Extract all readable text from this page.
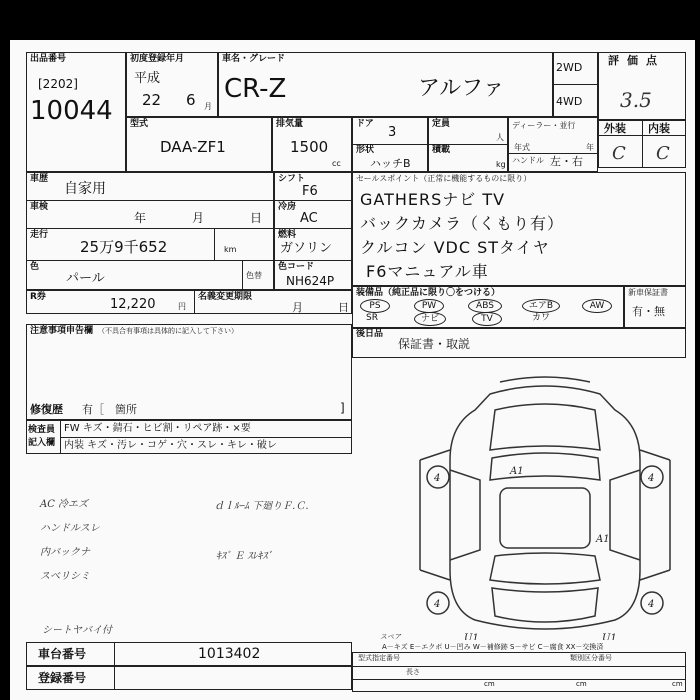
出品番号
[2202]
10044
初度登録年月
平成
22 6 月
車名・グレード
CR-Z	アルファ
2WD
4WD
評価点
3.5
外装 内装
C C
型式
DAA-ZF1
排気量
1500
cc
ドア
3
形状
ハッチB
定員
人
積載
kg
ディーラー・並行
年式	年
ハンドル 左・右
車歴
自家用
車検
年	月	日
走行
25万9千652	km
色
パール	色替
シフト
F6
冷房
AC
燃料
ガソリン
色コード
NH624P
R券	12,220	円
名義変更期限
月	日
セールスポイント（正常に機能するものに限り）
GATHERSナビ TV
バックカメラ（くもり有）
クルコン VDC STタイヤ
F6マニュアル車
装備品（純正品に限り〇をつける）
PS	PW	ABS	エアB	AW
SR	ナビ	TV	カワ
新車保証書
有・無
注意事項申告欄 （不具合有事項は具体的に記入して下さい）
修復歴 有［　箇所	]
後日品
保証書・取説
検査員
記入欄
FW キズ・錆石・ヒビ割・リペア跡・×要
内装 キズ・汚レ・コゲ・穴・スレ・キレ・破レ
AC 冷エズ
ハンドルスレ
内バックナ
スベリシミ
シートヤバイ付
ｄｌﾙｰﾑ 下廻りＦ.Ｃ.
ｷｽﾞ Ｅ ｽﾚｷｽﾞ
A1
A1
4	4
4	4
U1	U1
スペア
A－キズ E－エクボ U－凹み W－補修跡 S－サビ C－腐食 XX－交換済
車台番号	1013402
登録番号
型式指定番号	類別区分番号
長さ
cm	cm	cm
